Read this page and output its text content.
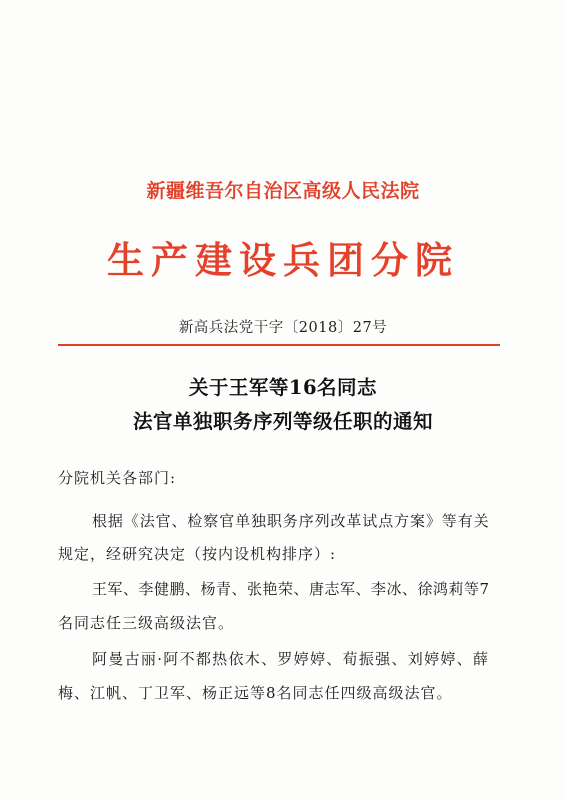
新疆维吾尔自治区高级人民法院
生产建设兵团分院
新高兵法党干字〔2018〕27号
关于王军等16名同志
法官单独职务序列等级任职的通知
分院机关各部门:
根据《法官、检察官单独职务序列改革试点方案》等有关
规定，经研究决定（按内设机构排序）:
王军、李健鹏、杨青、张艳荣、唐志军、李冰、徐鸿莉等7
名同志任三级高级法官。
阿曼古丽·阿不都热依木、罗婷婷、荀振强、刘婷婷、薛
梅、江帆、丁卫军、杨正远等8名同志任四级高级法官。
